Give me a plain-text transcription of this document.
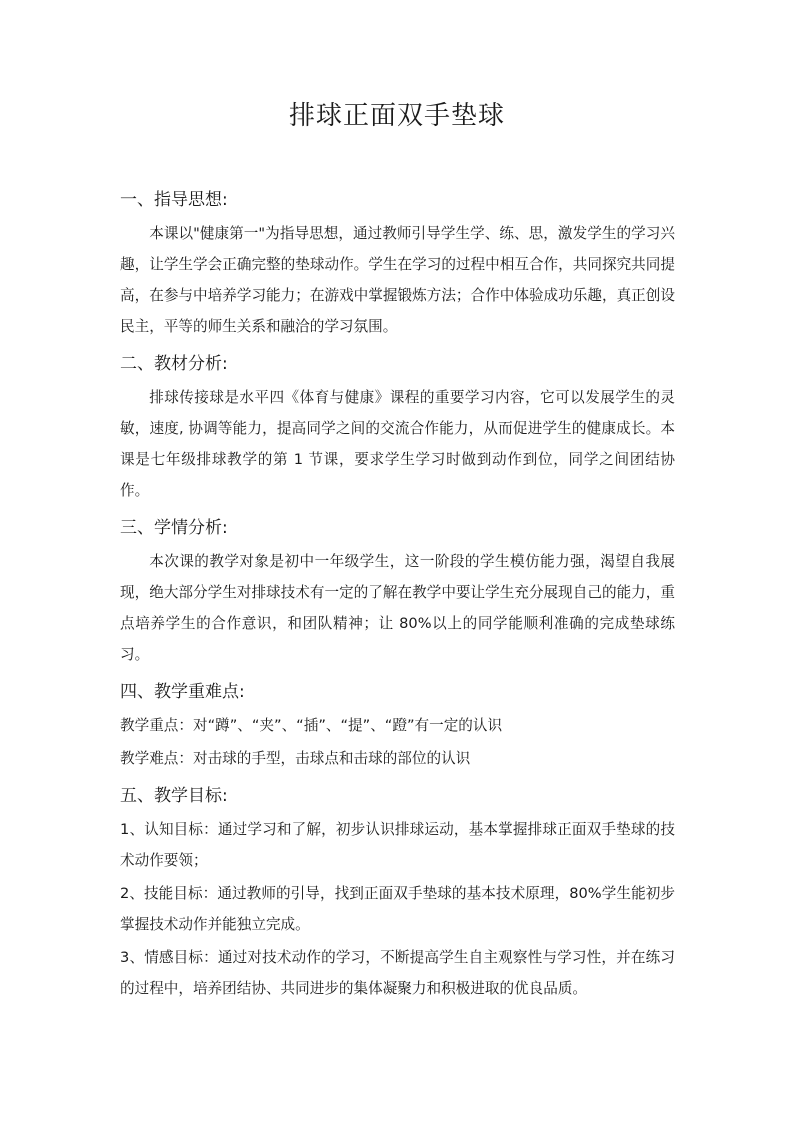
排球正面双手垫球
一、指导思想:

本课以"健康第一"为指导思想，通过教师引导学生学、练、思，激发学生的学习兴趣，让学生学会正确完整的垫球动作。学生在学习的过程中相互合作，共同探究共同提高，在参与中培养学习能力；在游戏中掌握锻炼方法；合作中体验成功乐趣，真正创设民主，平等的师生关系和融洽的学习氛围。

二、教材分析:

排球传接球是水平四《体育与健康》课程的重要学习内容，它可以发展学生的灵敏，速度, 协调等能力，提高同学之间的交流合作能力，从而促进学生的健康成长。本课是七年级排球教学的第 1 节课，要求学生学习时做到动作到位，同学之间团结协作。

三、学情分析:

本次课的教学对象是初中一年级学生，这一阶段的学生模仿能力强，渴望自我展现，绝大部分学生对排球技术有一定的了解在教学中要让学生充分展现自己的能力，重点培养学生的合作意识，和团队精神；让 80%以上的同学能顺利准确的完成垫球练习。

四、教学重难点:

教学重点：对“蹲”、“夹”、“插”、“提”、“蹬”有一定的认识

教学难点：对击球的手型，击球点和击球的部位的认识

五、教学目标:

1、认知目标：通过学习和了解，初步认识排球运动，基本掌握排球正面双手垫球的技术动作要领；

2、技能目标：通过教师的引导，找到正面双手垫球的基本技术原理，80%学生能初步掌握技术动作并能独立完成。

3、情感目标：通过对技术动作的学习，不断提高学生自主观察性与学习性，并在练习的过程中，培养团结协、共同进步的集体凝聚力和积极进取的优良品质。
